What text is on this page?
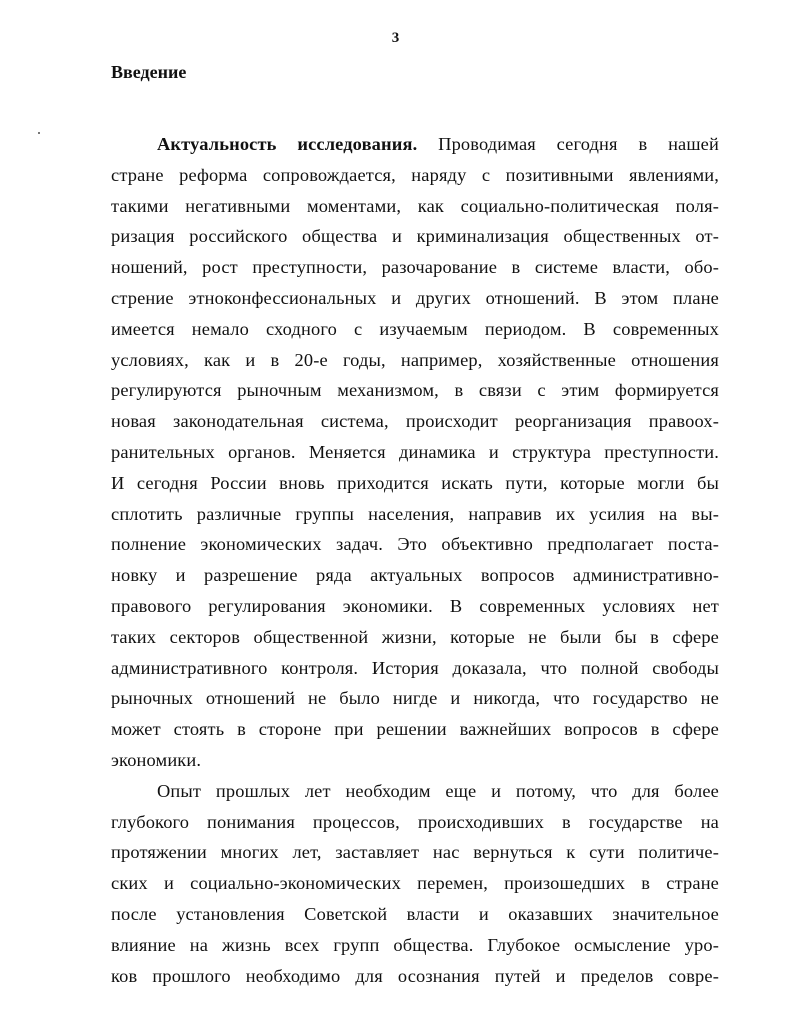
3
Введение
Актуальность исследования. Проводимая сегодня в нашей
стране реформа сопровождается, наряду с позитивными явлениями,
такими негативными моментами, как социально-политическая поля-
ризация российского общества и криминализация общественных от-
ношений, рост преступности, разочарование в системе власти, обо-
стрение этноконфессиональных и других отношений. В этом плане
имеется немало сходного с изучаемым периодом. В современных
условиях, как и в 20-е годы, например, хозяйственные отношения
регулируются рыночным механизмом, в связи с этим формируется
новая законодательная система, происходит реорганизация правоох-
ранительных органов. Меняется динамика и структура преступности.
И сегодня России вновь приходится искать пути, которые могли бы
сплотить различные группы населения, направив их усилия на вы-
полнение экономических задач. Это объективно предполагает поста-
новку и разрешение ряда актуальных вопросов административно-
правового регулирования экономики. В современных условиях нет
таких секторов общественной жизни, которые не были бы в сфере
административного контроля. История доказала, что полной свободы
рыночных отношений не было нигде и никогда, что государство не
может стоять в стороне при решении важнейших вопросов в сфере
экономики.
Опыт прошлых лет необходим еще и потому, что для более
глубокого понимания процессов, происходивших в государстве на
протяжении многих лет, заставляет нас вернуться к сути политиче-
ских и социально-экономических перемен, произошедших в стране
после установления Советской власти и оказавших значительное
влияние на жизнь всех групп общества. Глубокое осмысление уро-
ков прошлого необходимо для осознания путей и пределов совре-
